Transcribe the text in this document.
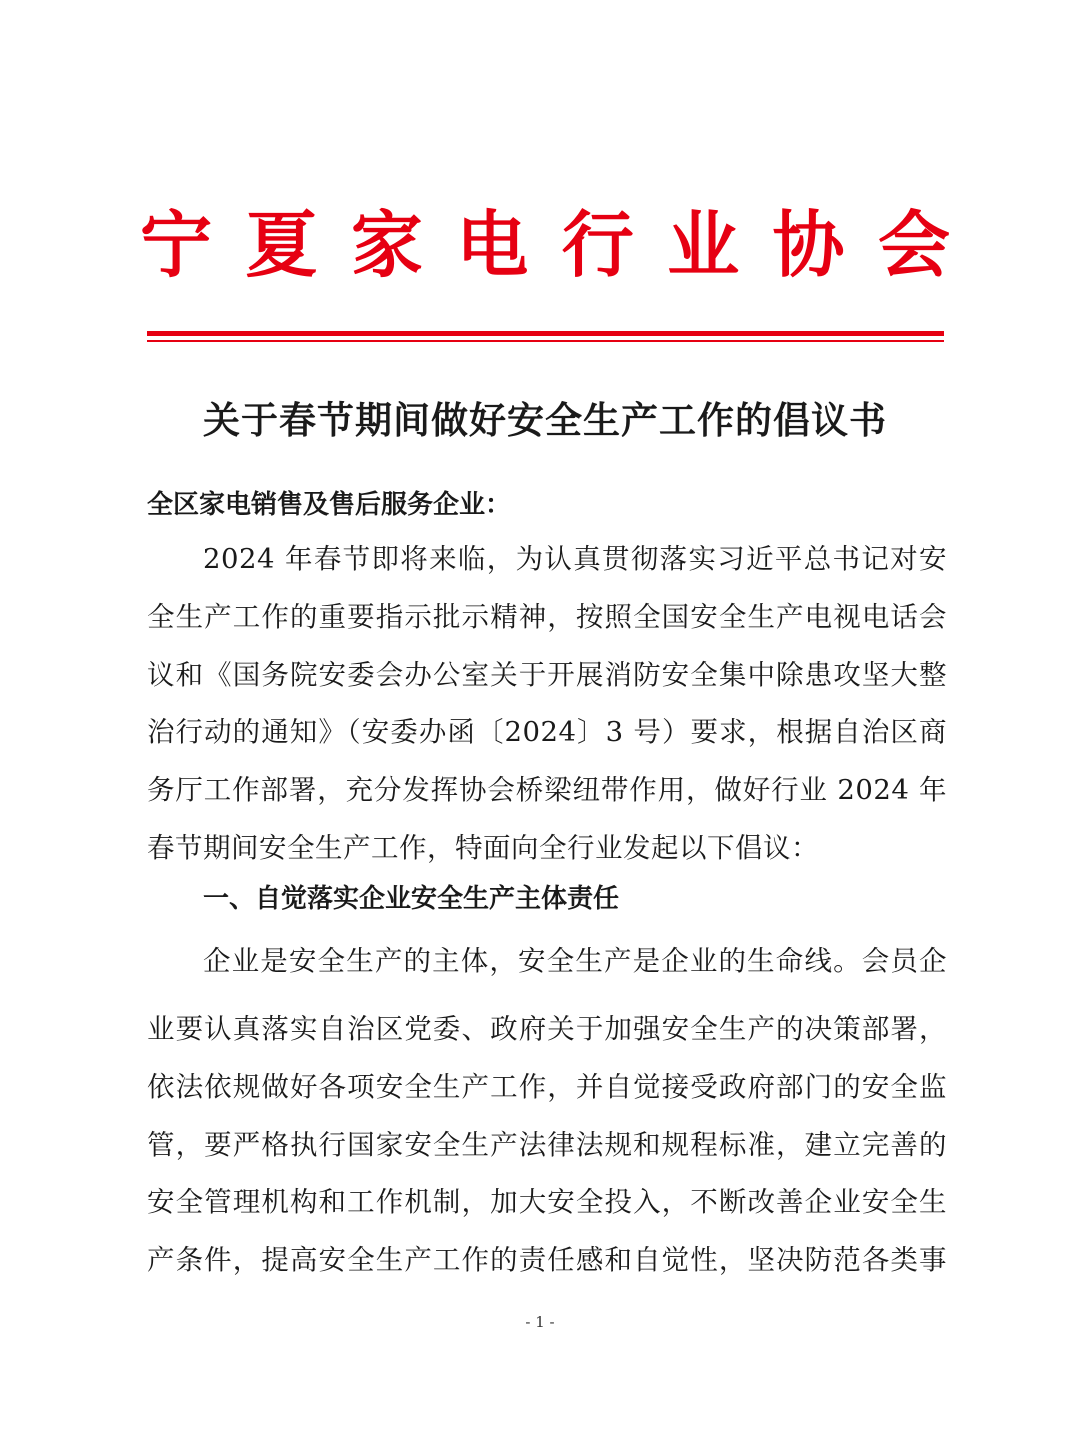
宁 夏 家 电 行 业 协 会
关于春节期间做好安全生产工作的倡议书
全区家电销售及售后服务企业：
2024 年春节即将来临，为认真贯彻落实习近平总书记对安
全生产工作的重要指示批示精神，按照全国安全生产电视电话会
议和《国务院安委会办公室关于开展消防安全集中除患攻坚大整
治行动的通知》（安委办函〔2024〕3 号）要求，根据自治区商
务厅工作部署，充分发挥协会桥梁纽带作用，做好行业 2024 年
春节期间安全生产工作，特面向全行业发起以下倡议：
一、自觉落实企业安全生产主体责任
企业是安全生产的主体，安全生产是企业的生命线。会员企
业要认真落实自治区党委、政府关于加强安全生产的决策部署，
依法依规做好各项安全生产工作，并自觉接受政府部门的安全监
管，要严格执行国家安全生产法律法规和规程标准，建立完善的
安全管理机构和工作机制，加大安全投入，不断改善企业安全生
产条件，提高安全生产工作的责任感和自觉性，坚决防范各类事
- 1 -
